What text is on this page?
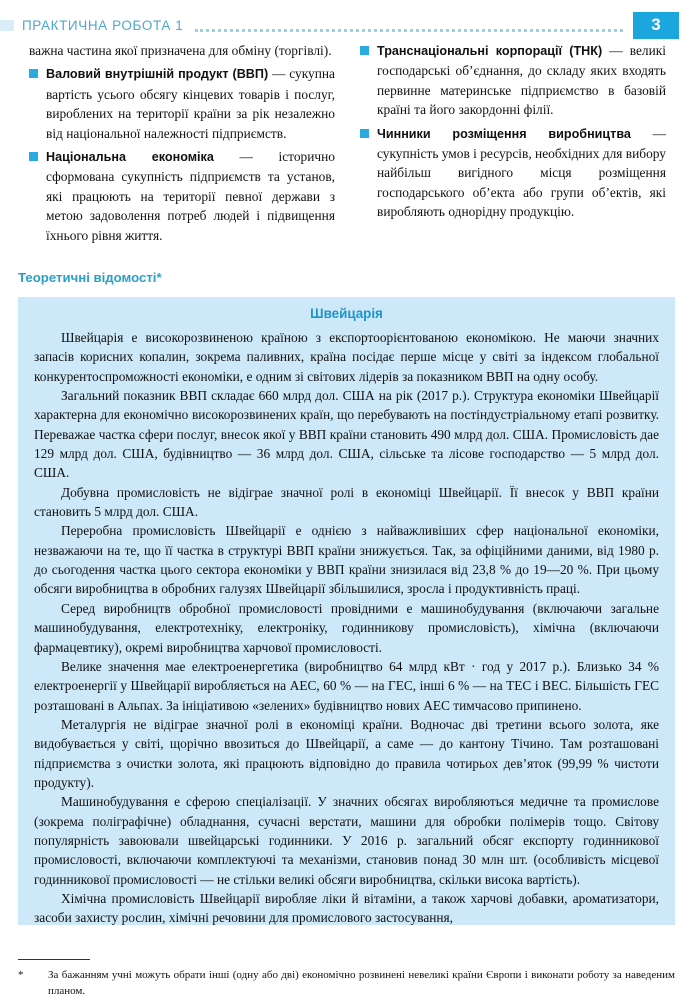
ПРАКТИЧНА РОБОТА 1	3

важна частина якої призначена для обміну (торгівлі).

Валовий внутрішній продукт (ВВП) — сукупна вартість усього обсягу кінцевих товарів і послуг, вироблених на території країни за рік незалежно від національної належності підприємств.
Національна економіка — історично сформована сукупність підприємств та установ, які працюють на території певної держави з метою задоволення потреб людей і підвищення їхнього рівня життя.
Транснаціональні корпорації (ТНК) — великі господарські об’єднання, до складу яких входять первинне материнське підприємство в базовій країні та його закордонні філії.
Чинники розміщення виробництва — сукупність умов і ресурсів, необхідних для вибору найбільш вигідного місця розміщення господарського об’екта або групи об’ектів, які виробляють однорідну продукцію.
Теоретичні відомості*
Швейцарія

Швейцарія е високорозвиненою країною з експортоорієнтованою економікою. Не маючи значних запасів корисних копалин, зокрема паливних, країна посідає перше місце у світі за індексом глобальної конкурентоспроможності економіки, е одним зі світових лідерів за показником ВВП на одну особу.

Загальний показник ВВП складає 660 млрд дол. США на рік (2017 р.). Структура економіки Швейцарії характерна для економічно високорозвинених країн, що перебувають на постіндустріальному етапі розвитку. Переважае частка сфери послуг, внесок якої у ВВП країни становить 490 млрд дол. США. Промисловість дае 129 млрд дол. США, будівництво — 36 млрд дол. США, сільське та лісове господарство — 5 млрд дол. США.

Добувна промисловість не відіграе значної ролі в економіці Швейцарії. Її внесок у ВВП країни становить 5 млрд дол. США.

Переробна промисловість Швейцарії е однією з найважливіших сфер національної економіки, незважаючи на те, що її частка в структурі ВВП країни знижується. Так, за офіційними даними, від 1980 р. до сьогодення частка цього сектора економіки у ВВП країни знизилася від 23,8 % до 19—20 %. При цьому обсяги виробництва в обробних галузях Швейцарії збільшилися, зросла і продуктивність праці.

Серед виробництв обробної промисловості провідними е машинобудування (включаючи загальне машинобудування, електротехніку, електроніку, годинникову промисловість), хімічна (включаючи фармацевтику), окремі виробництва харчової промисловості.

Велике значення мае електроенергетика (виробництво 64 млрд кВт · год у 2017 р.). Близько 34 % електроенергії у Швейцарії виробляється на АЕС, 60 % — на ГЕС, інші 6 % — на ТЕС і ВЕС. Більшість ГЕС розташовані в Альпах. За ініціативою «зелених» будівництво нових АЕС тимчасово припинено.

Металургія не відіграе значної ролі в економіці країни. Водночас дві третини всього золота, яке видобувається у світі, щорічно ввозиться до Швейцарії, а саме — до кантону Тічино. Там розташовані підприємства з очистки золота, які працюють відповідно до правила чотирьох дев’яток (99,99 % чистоти продукту).

Машинобудування е сферою спеціалізації. У значних обсягах виробляються медичне та промислове (зокрема поліграфічне) обладнання, сучасні верстати, машини для обробки полімерів тощо. Світову популярність завоювали швейцарські годинники. У 2016 р. загальний обсяг експорту годинникової промисловості, включаючи комплектуючі та механізми, становив понад 30 млн шт. (особливість місцевої годинникової промисловості — не стільки великі обсяги виробництва, скільки висока вартість).

Хімічна промисловість Швейцарії виробляе ліки й вітаміни, а також харчові добавки, ароматизатори, засоби захисту рослин, хімічні речовини для промислового застосування,

*	За бажанням учні можуть обрати інші (одну або дві) економічно розвинені невеликі країни Європи і виконати роботу за наведеним планом.
